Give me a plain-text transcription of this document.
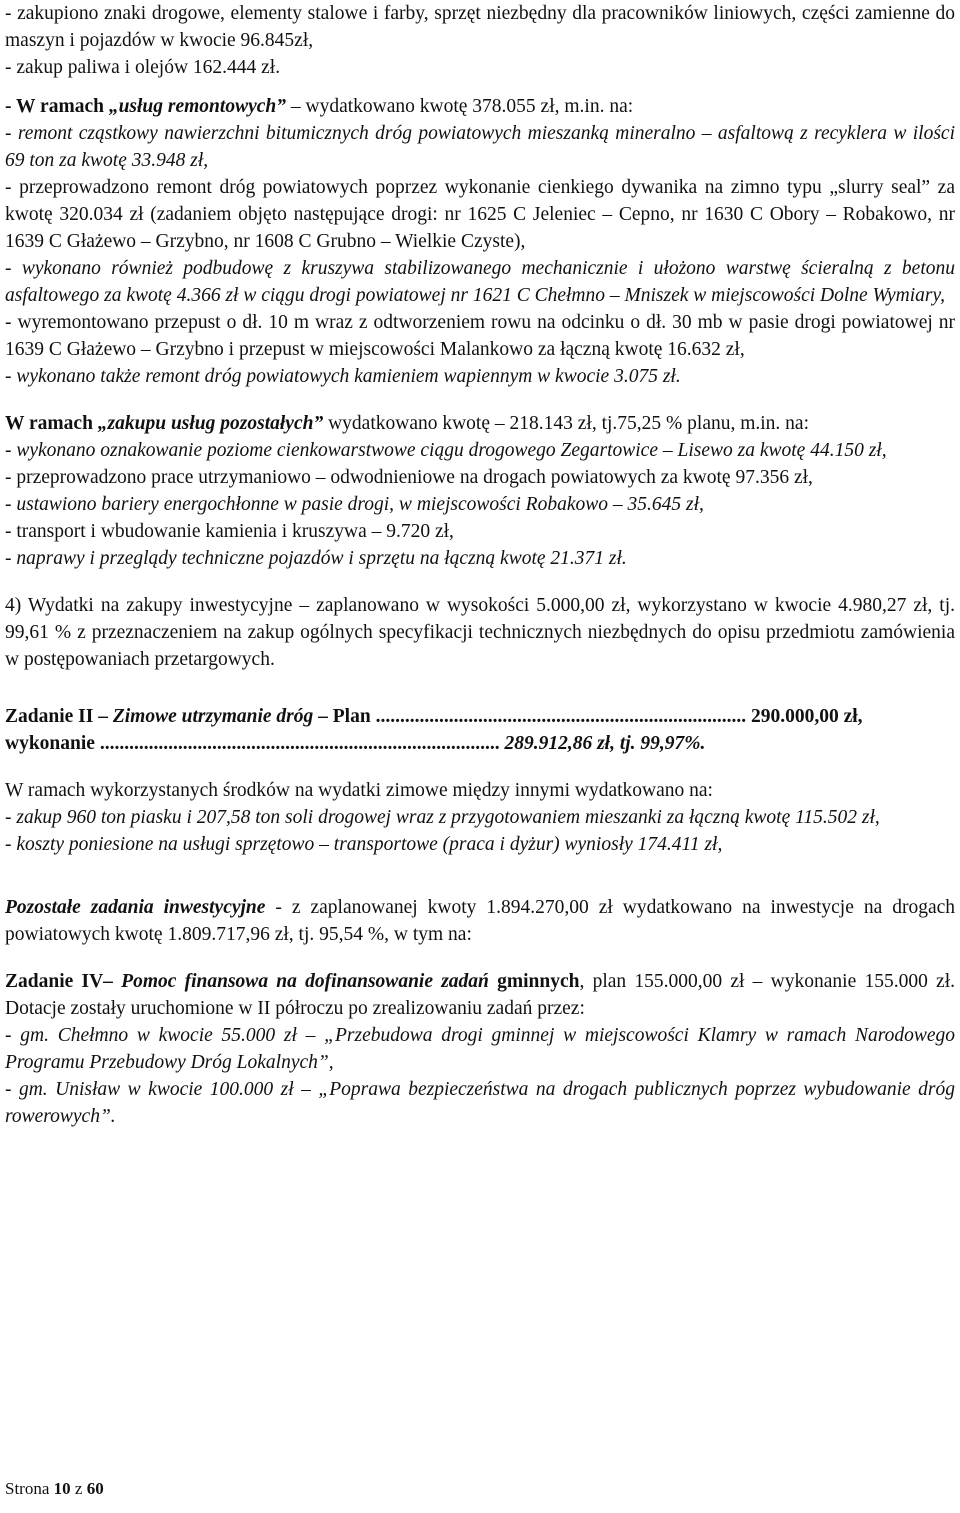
- zakupiono znaki drogowe, elementy stalowe i farby, sprzęt niezbędny dla pracowników liniowych, części zamienne do maszyn i pojazdów w kwocie 96.845zł,

- zakup paliwa i olejów 162.444 zł.

- W ramach „usług remontowych” – wydatkowano kwotę 378.055 zł, m.in. na:

- remont cząstkowy nawierzchni bitumicznych dróg powiatowych mieszanką mineralno – asfaltową z recyklera w ilości 69 ton za kwotę 33.948 zł,

- przeprowadzono remont dróg powiatowych poprzez wykonanie cienkiego dywanika na zimno typu „slurry seal” za kwotę 320.034 zł (zadaniem objęto następujące drogi: nr 1625 C Jeleniec – Cepno, nr 1630 C Obory – Robakowo, nr 1639 C Głażewo – Grzybno, nr 1608 C Grubno – Wielkie Czyste),

- wykonano również podbudowę z kruszywa stabilizowanego mechanicznie i ułożono warstwę ścieralną z betonu asfaltowego za kwotę 4.366 zł w ciągu drogi powiatowej nr 1621 C Chełmno – Mniszek w miejscowości Dolne Wymiary,

- wyremontowano przepust o dł. 10 m wraz z odtworzeniem rowu na odcinku o dł. 30 mb w pasie drogi powiatowej nr 1639 C Głażewo – Grzybno i przepust w miejscowości Malankowo za łączną kwotę 16.632 zł,

- wykonano także remont dróg powiatowych kamieniem wapiennym w kwocie 3.075 zł.

W ramach „zakupu usług pozostałych” wydatkowano kwotę – 218.143 zł, tj.75,25 % planu, m.in. na:

- wykonano oznakowanie poziome cienkowarstwowe ciągu drogowego Zegartowice – Lisewo za kwotę 44.150 zł,

- przeprowadzono prace utrzymaniowo – odwodnieniowe na drogach powiatowych za kwotę 97.356 zł,

- ustawiono bariery energochłonne w pasie drogi, w miejscowości Robakowo – 35.645 zł,

- transport i wbudowanie kamienia i kruszywa – 9.720 zł,

- naprawy i przeglądy techniczne pojazdów i sprzętu na łączną kwotę 21.371 zł.

4) Wydatki na zakupy inwestycyjne – zaplanowano w wysokości 5.000,00 zł, wykorzystano w kwocie 4.980,27 zł, tj. 99,61 % z przeznaczeniem na zakup ogólnych specyfikacji technicznych niezbędnych do opisu przedmiotu zamówienia w postępowaniach przetargowych.

Zadanie II – Zimowe utrzymanie dróg – Plan ............................................................................ 290.000,00 zł,

wykonanie .................................................................................. 289.912,86 zł, tj. 99,97%.

W ramach wykorzystanych środków na wydatki zimowe między innymi wydatkowano na:

- zakup 960 ton piasku i 207,58 ton soli drogowej wraz z przygotowaniem mieszanki za łączną kwotę 115.502 zł,

- koszty poniesione na usługi sprzętowo – transportowe (praca i dyżur) wyniosły 174.411 zł,

Pozostałe zadania inwestycyjne - z zaplanowanej kwoty 1.894.270,00 zł wydatkowano na inwestycje na drogach powiatowych kwotę 1.809.717,96 zł, tj. 95,54 %, w tym na:

Zadanie IV– Pomoc finansowa na dofinansowanie zadań gminnych, plan 155.000,00 zł – wykonanie 155.000 zł. Dotacje zostały uruchomione w II półroczu po zrealizowaniu zadań przez:

- gm. Chełmno w kwocie 55.000 zł – „Przebudowa drogi gminnej w miejscowości Klamry w ramach Narodowego Programu Przebudowy Dróg Lokalnych”,

- gm. Unisław w kwocie 100.000 zł – „Poprawa bezpieczeństwa na drogach publicznych poprzez wybudowanie dróg rowerowych”.

Strona 10 z 60
